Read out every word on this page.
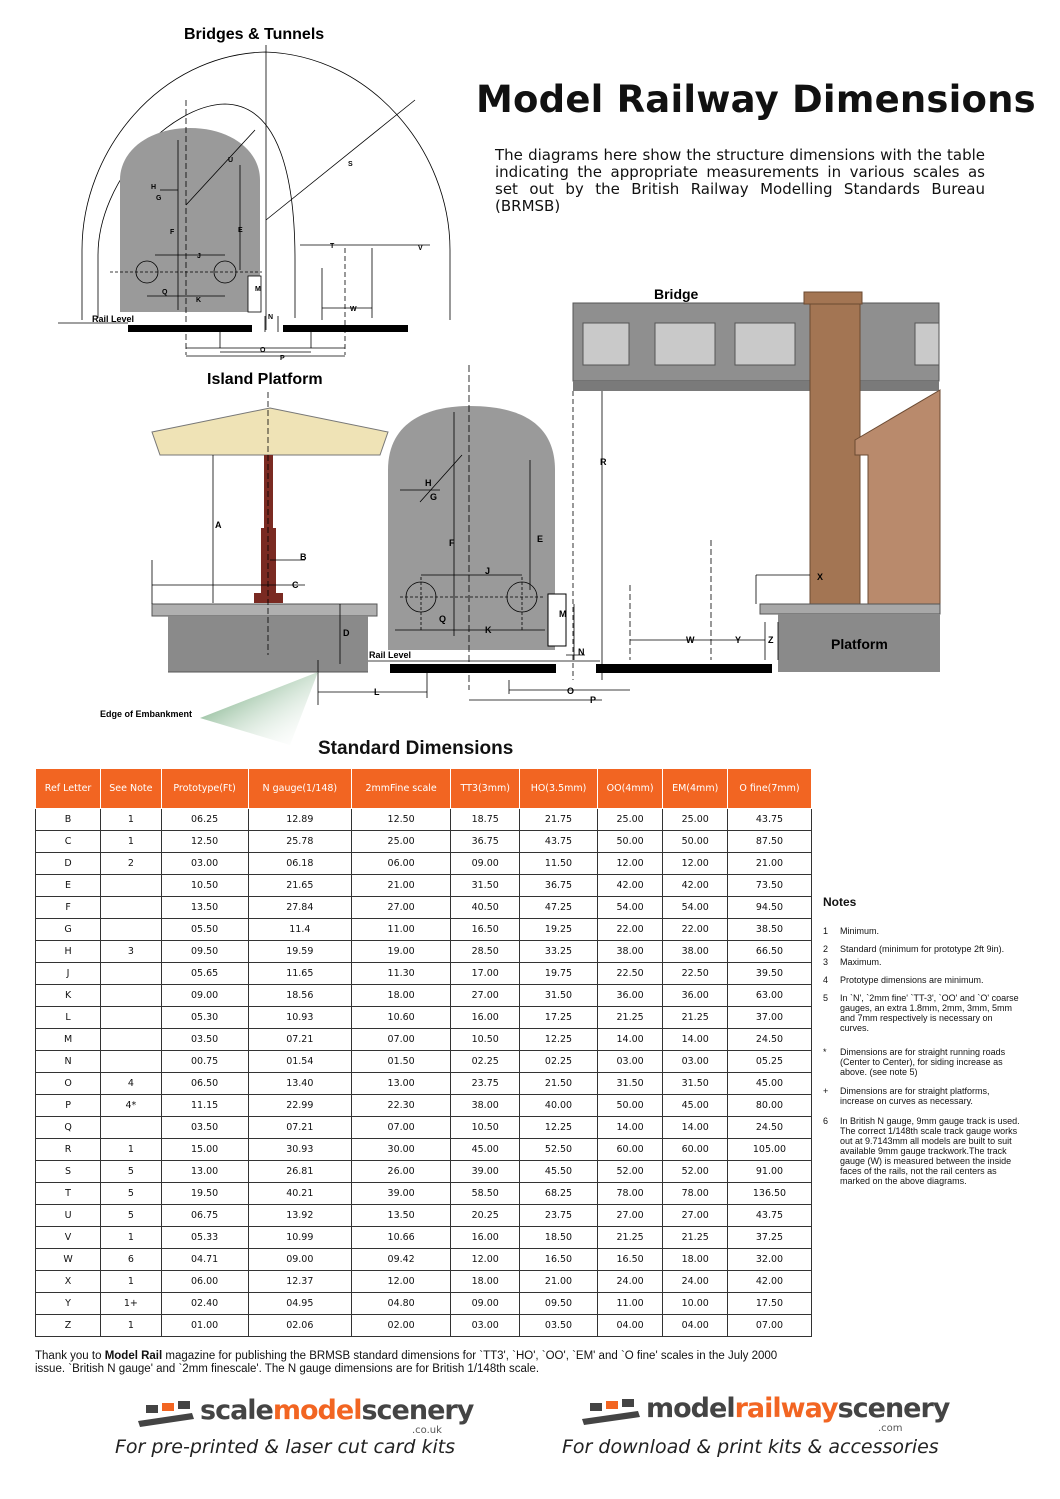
Bridges & Tunnels
U
S
H
G
F	E
J
T	V
Q
K
M
W
N
O
P
Rail Level
Bridge
Platform
R
X
W	Y	Z
Island Platform
Rail Level
A
B
C
D
H
G
F	E
J
M
Q
K
N
L	O
P
Edge of Embankment
Model Railway Dimensions
The diagrams here show the structure dimensions with the table indicating the appropriate measurements in various scales as set out by the British Railway Modelling Standards Bureau (BRMSB)
Standard Dimensions
Ref Letter	See Note	Prototype(Ft)	N gauge(1/148)	2mmFine scale	TT3(3mm)	HO(3.5mm)	OO(4mm)	EM(4mm)	O fine(7mm)
B	1	06.25	12.89	12.50	18.75	21.75	25.00	25.00	43.75
C	1	12.50	25.78	25.00	36.75	43.75	50.00	50.00	87.50
D	2	03.00	06.18	06.00	09.00	11.50	12.00	12.00	21.00
E		10.50	21.65	21.00	31.50	36.75	42.00	42.00	73.50
F		13.50	27.84	27.00	40.50	47.25	54.00	54.00	94.50
G		05.50	11.4	11.00	16.50	19.25	22.00	22.00	38.50
H	3	09.50	19.59	19.00	28.50	33.25	38.00	38.00	66.50
J		05.65	11.65	11.30	17.00	19.75	22.50	22.50	39.50
K		09.00	18.56	18.00	27.00	31.50	36.00	36.00	63.00
L		05.30	10.93	10.60	16.00	17.25	21.25	21.25	37.00
M		03.50	07.21	07.00	10.50	12.25	14.00	14.00	24.50
N		00.75	01.54	01.50	02.25	02.25	03.00	03.00	05.25
O	4	06.50	13.40	13.00	23.75	21.50	31.50	31.50	45.00
P	4*	11.15	22.99	22.30	38.00	40.00	50.00	45.00	80.00
Q		03.50	07.21	07.00	10.50	12.25	14.00	14.00	24.50
R	1	15.00	30.93	30.00	45.00	52.50	60.00	60.00	105.00
S	5	13.00	26.81	26.00	39.00	45.50	52.00	52.00	91.00
T	5	19.50	40.21	39.00	58.50	68.25	78.00	78.00	136.50
U	5	06.75	13.92	13.50	20.25	23.75	27.00	27.00	43.75
V	1	05.33	10.99	10.66	16.00	18.50	21.25	21.25	37.25
W	6	04.71	09.00	09.42	12.00	16.50	16.50	18.00	32.00
X	1	06.00	12.37	12.00	18.00	21.00	24.00	24.00	42.00
Y	1+	02.40	04.95	04.80	09.00	09.50	11.00	10.00	17.50
Z	1	01.00	02.06	02.00	03.00	03.50	04.00	04.00	07.00
Notes
1	Minimum.
2	Standard (minimum for prototype 2ft 9in).
3	Maximum.
4	Prototype dimensions are minimum.
5	In `N', `2mm fine' `TT-3', `OO' and `O' coarse gauges, an extra 1.8mm, 2mm, 3mm, 5mm and 7mm respectively is necessary on curves.
*	Dimensions are for straight running roads (Center to Center), for siding increase as above. (see note 5)
+	Dimensions are for straight platforms, increase on curves as necessary.
6	In British N gauge, 9mm gauge track is used. The correct 1/148th scale track gauge works out at 9.7143mm all models are built to suit available 9mm gauge trackwork.The track gauge (W) is measured between the inside faces of the rails, not the rail centers as marked on the above diagrams.
Thank you to Model Rail magazine for publishing the BRMSB standard dimensions for `TT3', `HO', `OO', `EM' and `O fine' scales in the July 2000 issue. `British N gauge' and `2mm finescale'. The N gauge dimensions are for British 1/148th scale.
scalemodelscenery
.co.uk
For pre-printed & laser cut card kits
modelrailwayscenery
.com
For download & print kits & accessories
